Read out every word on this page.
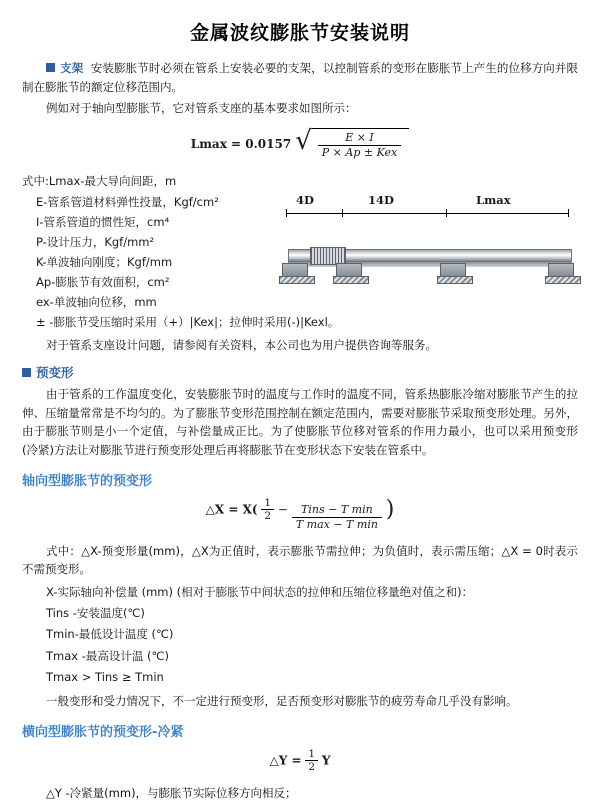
金属波纹膨胀节安装说明

支架 安装膨胀节时必须在管系上安装必要的支架，以控制管系的变形在膨胀节上产生的位移方向并限制在膨胀节的额定位移范围内。

例如对于轴向型膨胀节，它对管系支座的基本要求如图所示：

Lmax = 0.0157 √ $\frac{E \times I}{\text{P × Ap ± Kex}}$
式中:Lmax-最大导向间距，m
E-管系管道材料弹性投量，Kgf/cm²
I-管系管道的惯性矩，cm⁴
P-设计压力，Kgf/mm²
K-单波轴向刚度；Kgf/mm
Ap-膨胀节有效面积，cm²
ex-单波轴向位移，mm
± -膨胀节受压缩时采用（+）|Kex|；拉伸时采用(-)|Kexl。
4D	14D	Lmax

对于管系支座设计问题，请参阅有关资料，本公司也为用户提供咨询等服务。

预变形

由于管系的工作温度变化，安装膨胀节时的温度与工作时的温度不同，管系热膨胀冷缩对膨胀节产生的拉伸、压缩量常常是不均匀的。为了膨胀节变形范围控制在额定范围内，需要对膨胀节采取预变形处理。另外，由于膨胀节则是小一个定值，与补偿量成正比。为了使膨胀节位移对管系的作用力最小，也可以采用预变形(冷紧)方法让对膨胀节进行预变形处理后再将膨胀节在变形状态下安装在管系中。

轴向型膨胀节的预变形
△X = $X( \frac{1}{2} - \frac{\text{Tins − T min}}{\text{T max − T min}}$ )

式中：△X-预变形量(mm)，△X为正值时，表示膨胀节需拉伸；为负值时，表示需压缩；△X = 0时表示不需预变形。

X-实际轴向补偿量 (mm) (相对于膨胀节中间状态的拉伸和压缩位移量绝对值之和)：
Tins -安装温度(℃)
Tmin-最低设计温度 (℃)
Tmax -最高设计温 (℃)
Tmax > Tins ≥ Tmin

一般变形和受力情况下，不一定进行预变形，足否预变形对膨胀节的疲劳寿命几乎没有影响。

横向型膨胀节的预变形-冷紧
△Y = $\frac{1}{2}$ Y

△Y -冷紧量(mm)，与膨胀节实际位移方向相反；
